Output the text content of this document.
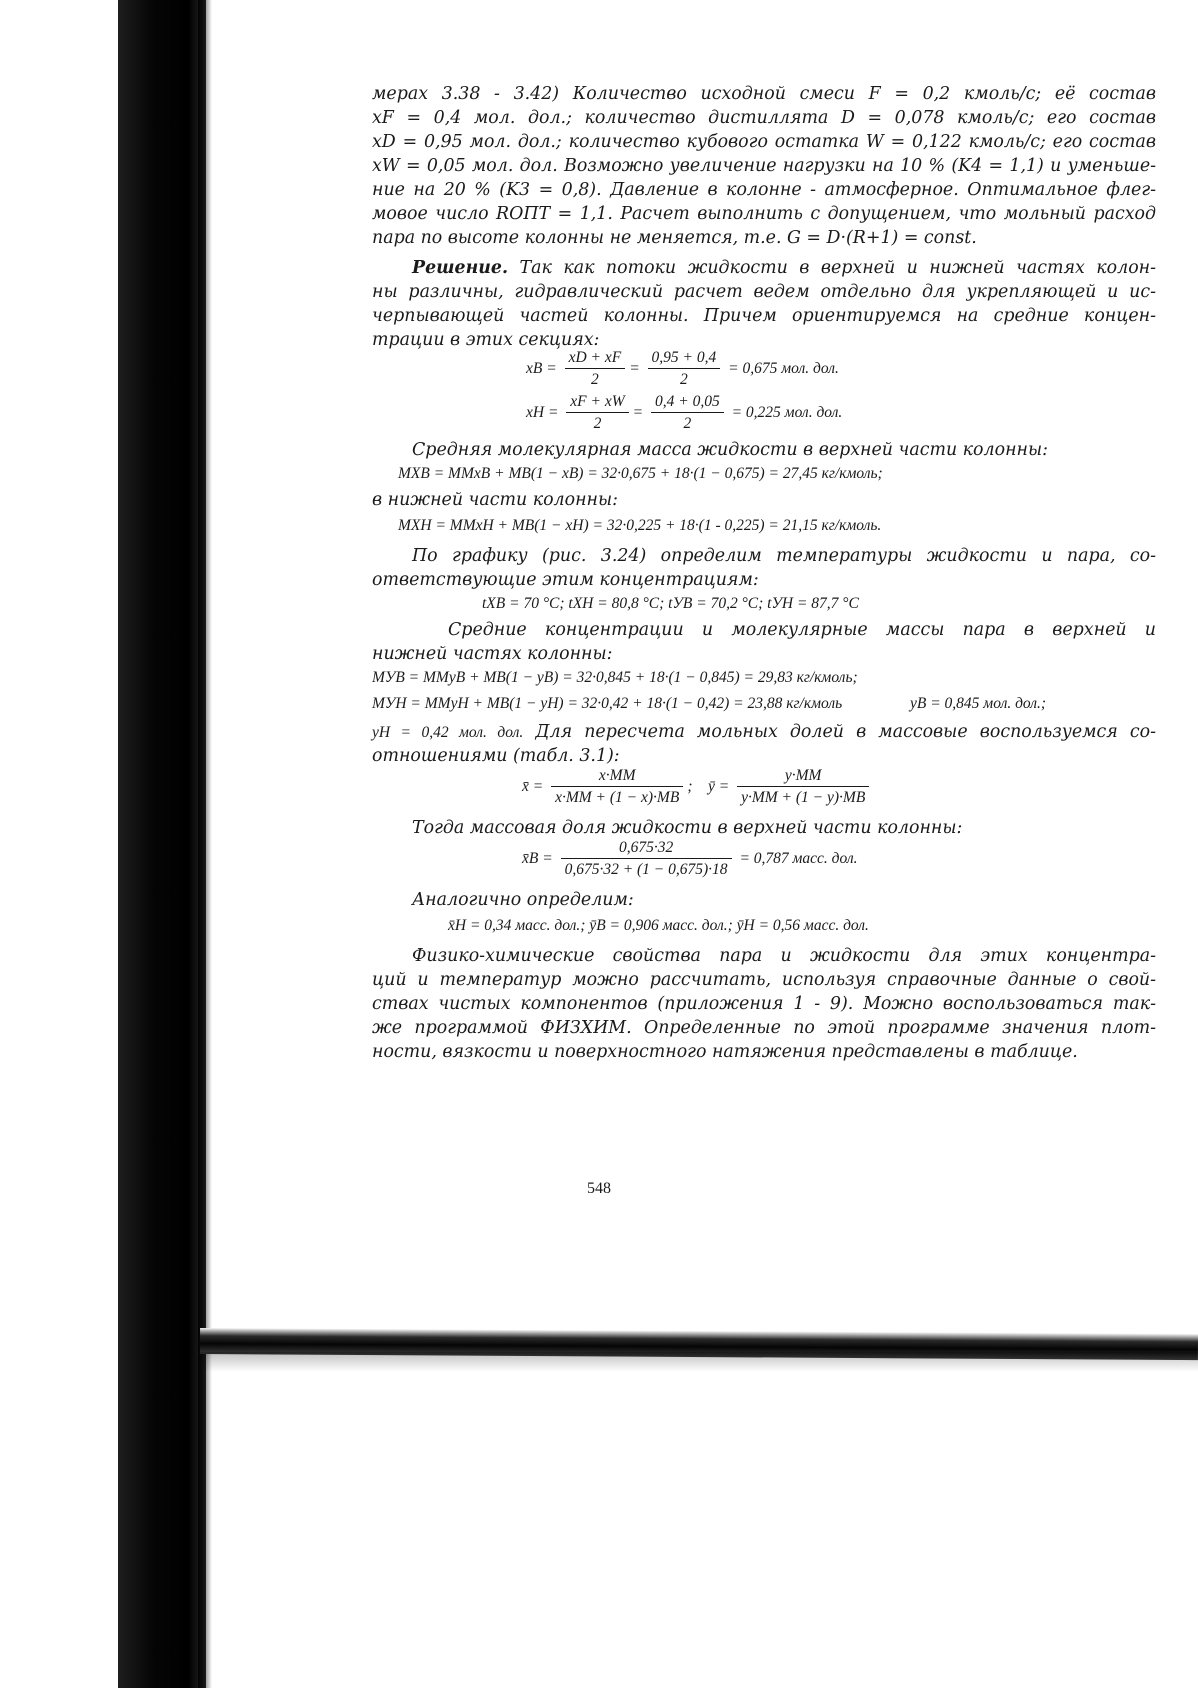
мерах 3.38 - 3.42) Количество исходной смеси F = 0,2 кмоль/с; её состав
xF = 0,4 мол. дол.; количество дистиллята D = 0,078 кмоль/с; его состав
xD = 0,95 мол. дол.; количество кубового остатка W = 0,122 кмоль/с; его состав
xW = 0,05 мол. дол. Возможно увеличение нагрузки на 10 % (K4 = 1,1) и уменьше-
ние на 20 % (K3 = 0,8). Давление в колонне - атмосферное. Оптимальное флег-
мовое число RОПТ = 1,1. Расчет выполнить с допущением, что мольный расход
пара по высоте колонны не меняется, т.е. G = D·(R+1) = const.
Решение. Так как потоки жидкости в верхней и нижней частях колон-
ны различны, гидравлический расчет ведем отдельно для укрепляющей и ис-
черпывающей частей колонны. Причем ориентируемся на средние концен-
трации в этих секциях:
xВ = $\frac{xD + xF}{2} = \frac{0,95 + 0,4}{2} = 0,675$ мол. дол.
xН = $\frac{xF + xW}{2} = \frac{0,4 + 0,05}{2} = 0,225$ мол. дол.
Средняя молекулярная масса жидкости в верхней части колонны:
MXВ = MМxВ + MВ(1 − xВ) = 32·0,675 + 18·(1 − 0,675) = 27,45 кг/кмоль;
в нижней части колонны:
MXН = MМxН + MВ(1 − xН) = 32·0,225 + 18·(1 - 0,225) = 21,15 кг/кмоль.
По графику (рис. 3.24) определим температуры жидкости и пара, со-
ответствующие этим концентрациям:
tXВ = 70 °C; tXН = 80,8 °C; tУВ = 70,2 °C; tУН = 87,7 °C
Средние концентрации и молекулярные массы пара в верхней и
нижней частях колонны:
MУВ = MМyВ + MВ(1 − yВ) = 32·0,845 + 18·(1 − 0,845) = 29,83 кг/кмоль;
MУН = MМyН + MВ(1 − yН) = 32·0,42 + 18·(1 − 0,42) = 23,88 кг/кмоль	yВ = 0,845 мол. дол.;
yН = 0,42 мол. дол. Для пересчета мольных долей в массовые воспользуемся со-
отношениями (табл. 3.1):
x̄ = $\frac{x\cdot MМ}{x\cdot MМ + (1 - x)\cdot MВ}$ ; ȳ = $\frac{y\cdot MМ}{y\cdot MМ + (1 - y)\cdot MВ}$
Тогда массовая доля жидкости в верхней части колонны:
x̄В = $\frac{0,675\cdot 32}{0,675\cdot 32 + (1 - 0,675)\cdot 18} = 0,787$ масс. дол.
Аналогично определим:
x̄Н = 0,34 масс. дол.; ȳВ = 0,906 масс. дол.; ȳН = 0,56 масс. дол.
Физико-химические свойства пара и жидкости для этих концентра-
ций и температур можно рассчитать, используя справочные данные о свой-
ствах чистых компонентов (приложения 1 - 9). Можно воспользоваться так-
же программой ФИЗХИМ. Определенные по этой программе значения плот-
ности, вязкости и поверхностного натяжения представлены в таблице.
548
